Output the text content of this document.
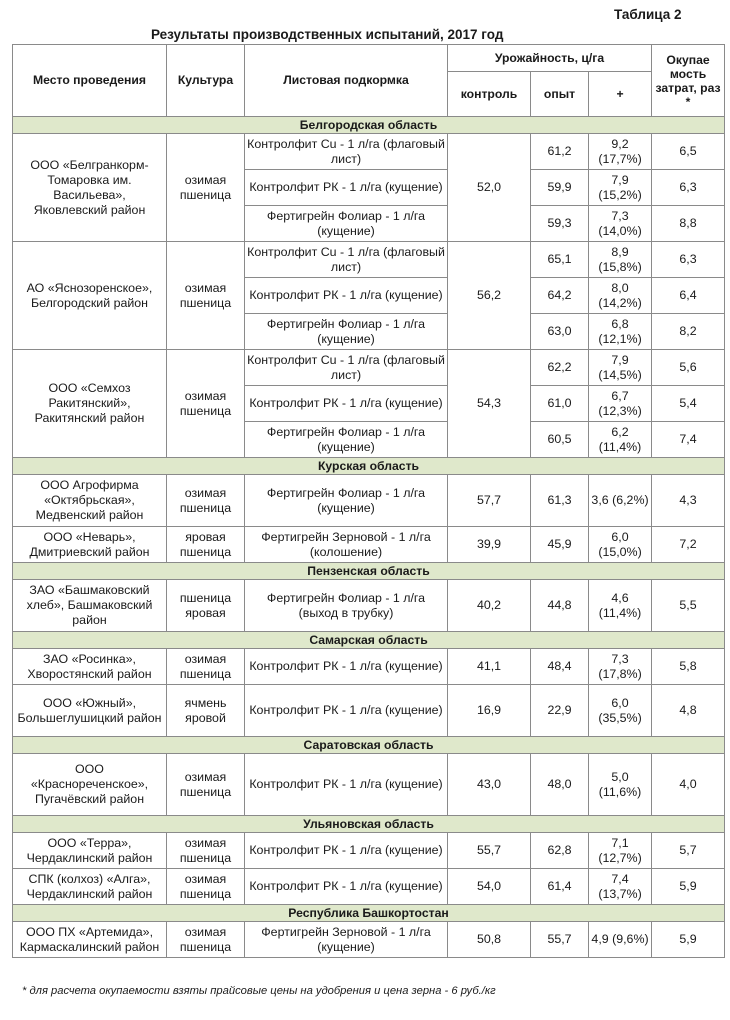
Таблица 2
Результаты производственных испытаний, 2017 год
Место проведения	Культура	Листовая подкормка	Урожайность, ц/га			Окупае мость затрат, раз *
			контроль	опыт	+	
Белгородская область						
ООО «Белгранкорм-Томаровка им. Васильева», Яковлевский район	озимая пшеница	Контролфит Cu - 1 л/га (флаговый лист)	52,0	61,2	9,2 (17,7%)	6,5
		Контролфит РК - 1 л/га (кущение)		59,9	7,9 (15,2%)	6,3
		Фертигрейн Фолиар - 1 л/га (кущение)		59,3	7,3 (14,0%)	8,8
АО «Яснозоренское», Белгородский район	озимая пшеница	Контролфит Cu - 1 л/га (флаговый лист)	56,2	65,1	8,9 (15,8%)	6,3
		Контролфит РК - 1 л/га (кущение)		64,2	8,0 (14,2%)	6,4
		Фертигрейн Фолиар - 1 л/га (кущение)		63,0	6,8 (12,1%)	8,2
ООО «Семхоз Ракитянский», Ракитянский район	озимая пшеница	Контролфит Cu - 1 л/га (флаговый лист)	54,3	62,2	7,9 (14,5%)	5,6
		Контролфит РК - 1 л/га (кущение)		61,0	6,7 (12,3%)	5,4
		Фертигрейн Фолиар - 1 л/га (кущение)		60,5	6,2 (11,4%)	7,4
Курская область						
ООО Агрофирма «Октябрьская», Медвенский район	озимая пшеница	Фертигрейн Фолиар - 1 л/га (кущение)	57,7	61,3	3,6 (6,2%)	4,3
ООО «Неварь», Дмитриевский район	яровая пшеница	Фертигрейн Зерновой - 1 л/га (колошение)	39,9	45,9	6,0 (15,0%)	7,2
Пензенская область						
ЗАО «Башмаковский хлеб», Башмаковский район	пшеница яровая	Фертигрейн Фолиар - 1 л/га (выход в трубку)	40,2	44,8	4,6 (11,4%)	5,5
Самарская область						
ЗАО «Росинка», Хворостянский район	озимая пшеница	Контролфит РК - 1 л/га (кущение)	41,1	48,4	7,3 (17,8%)	5,8
ООО «Южный», Большеглушицкий район	ячмень яровой	Контролфит РК - 1 л/га (кущение)	16,9	22,9	6,0 (35,5%)	4,8
Саратовская область						
ООО «Краснореченское», Пугачёвский район	озимая пшеница	Контролфит РК - 1 л/га (кущение)	43,0	48,0	5,0 (11,6%)	4,0
Ульяновская область						
ООО «Терра», Чердаклинский район	озимая пшеница	Контролфит РК - 1 л/га (кущение)	55,7	62,8	7,1 (12,7%)	5,7
СПК (колхоз) «Алга», Чердаклинский район	озимая пшеница	Контролфит РК - 1 л/га (кущение)	54,0	61,4	7,4 (13,7%)	5,9
Республика Башкортостан						
ООО ПХ «Артемида», Кармаскалинский район	озимая пшеница	Фертигрейн Зерновой - 1 л/га (кущение)	50,8	55,7	4,9 (9,6%)	5,9
* для расчета окупаемости взяты прайсовые цены на удобрения и цена зерна - 6 руб./кг
